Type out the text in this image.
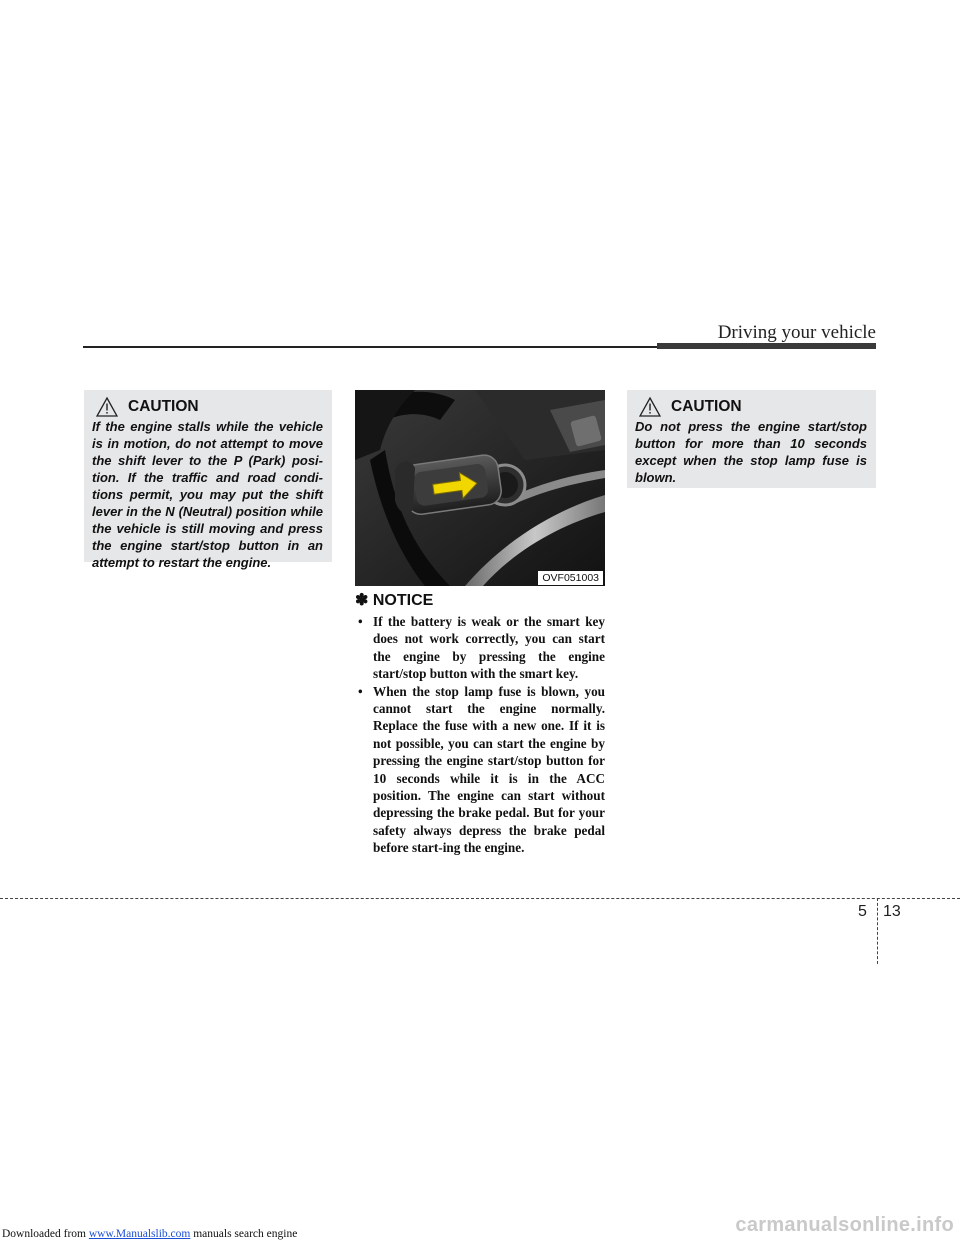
Driving your vehicle
CAUTION
If the engine stalls while the vehicle is in motion, do not attempt to move the shift lever to the P (Park) posi-tion. If the traffic and road condi-tions permit, you may put the shift lever in the N (Neutral) position while the vehicle is still moving and press the engine start/stop button in an attempt to restart the engine.
OVF051003
✽ NOTICE
• If the battery is weak or the smart key does not work correctly, you can start the engine by pressing the engine start/stop button with the smart key.
• When the stop lamp fuse is blown, you cannot start the engine normally. Replace the fuse with a new one. If it is not possible, you can start the engine by pressing the engine start/stop button for 10 seconds while it is in the ACC position. The engine can start without depressing the brake pedal. But for your safety always depress the brake pedal before start-ing the engine.
CAUTION
Do not press the engine start/stop button for more than 10 seconds except when the stop lamp fuse is blown.
5 13
Downloaded from www.Manualslib.com manuals search engine	carmanualsonline.info
